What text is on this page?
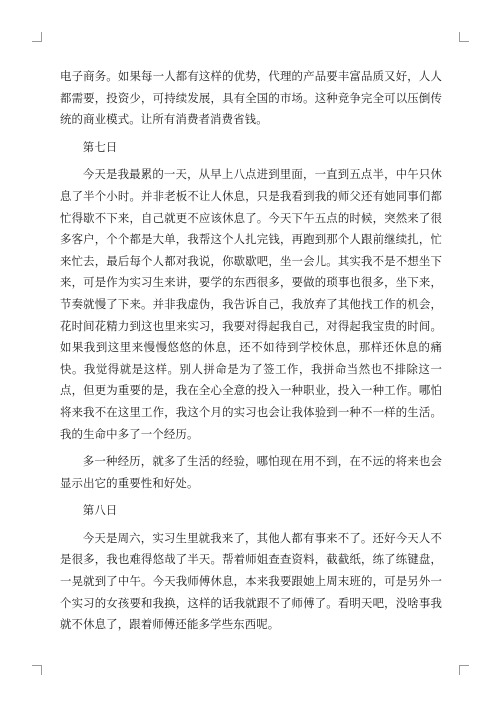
电子商务。如果每一人都有这样的优势，代理的产品要丰富品质又好，人人都需要，投资少，可持续发展，具有全国的市场。这种竞争完全可以压倒传统的商业模式。让所有消费者消费省钱。

第七日

今天是我最累的一天，从早上八点进到里面，一直到五点半，中午只休息了半个小时。并非老板不让人休息，只是我看到我的师父还有她同事们都忙得歇不下来，自己就更不应该休息了。今天下午五点的时候，突然来了很多客户，个个都是大单，我帮这个人扎完钱，再跑到那个人跟前继续扎，忙来忙去，最后每个人都对我说，你歇歇吧，坐一会儿。其实我不是不想坐下来，可是作为实习生来讲，要学的东西很多，要做的琐事也很多，坐下来，节奏就慢了下来。并非我虚伪，我告诉自己，我放弃了其他找工作的机会，花时间花精力到这也里来实习，我要对得起我自己，对得起我宝贵的时间。如果我到这里来慢慢悠悠的休息，还不如待到学校休息，那样还休息的痛快。我觉得就是这样。别人拼命是为了签工作，我拼命当然也不排除这一点，但更为重要的是，我在全心全意的投入一种职业，投入一种工作。哪怕将来我不在这里工作，我这个月的实习也会让我体验到一种不一样的生活。我的生命中多了一个经历。

多一种经历，就多了生活的经验，哪怕现在用不到，在不远的将来也会显示出它的重要性和好处。

第八日

今天是周六，实习生里就我来了，其他人都有事来不了。还好今天人不是很多，我也难得悠哉了半天。帮着师姐查查资料，截截纸，练了练键盘，一晃就到了中午。今天我师傅休息，本来我要跟她上周末班的，可是另外一个实习的女孩要和我换，这样的话我就跟不了师傅了。看明天吧，没啥事我就不休息了，跟着师傅还能多学些东西呢。
